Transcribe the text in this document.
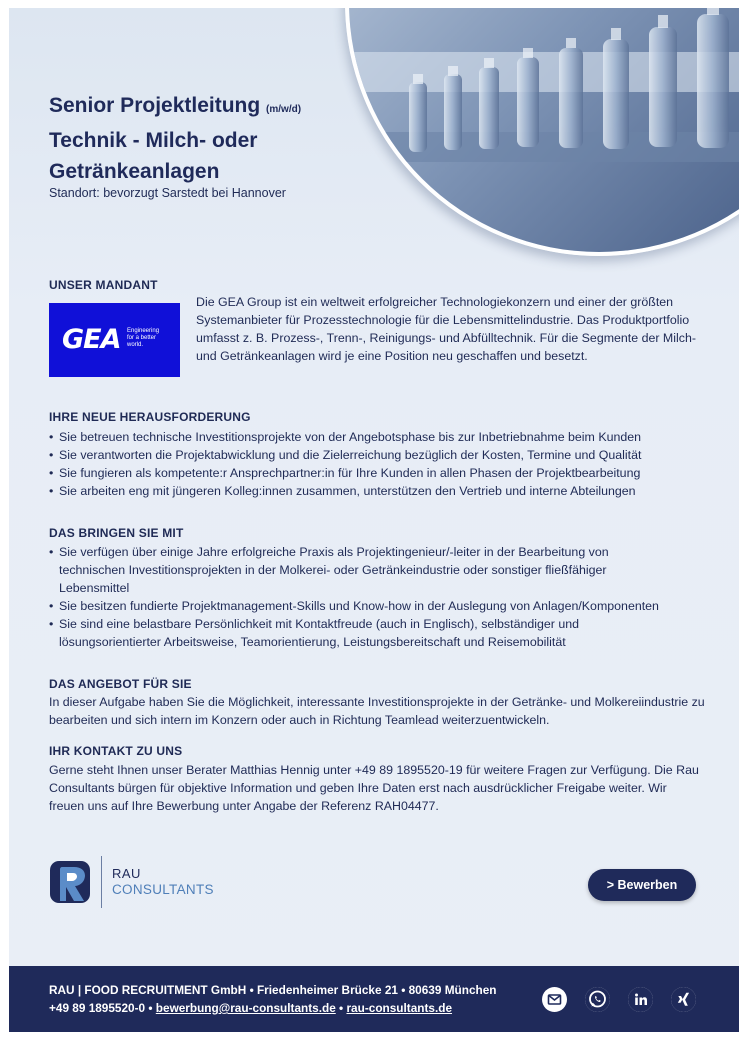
Senior Projektleitung (m/w/d)
Technik - Milch- oder
Getränkeanlagen
Standort: bevorzugt Sarstedt bei Hannover
UNSER MANDANT
GEA Engineering
for a better
world.
Die GEA Group ist ein weltweit erfolgreicher Technologiekonzern und einer der größten Systemanbieter für Prozesstechnologie für die Lebensmittelindustrie. Das Produktportfolio umfasst z. B. Prozess-, Trenn-, Reinigungs- und Abfülltechnik. Für die Segmente der Milch- und Getränkeanlagen wird je eine Position neu geschaffen und besetzt.
IHRE NEUE HERAUSFORDERUNG
• Sie betreuen technische Investitionsprojekte von der Angebotsphase bis zur Inbetriebnahme beim Kunden
• Sie verantworten die Projektabwicklung und die Zielerreichung bezüglich der Kosten, Termine und Qualität
• Sie fungieren als kompetente:r Ansprechpartner:in für Ihre Kunden in allen Phasen der Projektbearbeitung
• Sie arbeiten eng mit jüngeren Kolleg:innen zusammen, unterstützen den Vertrieb und interne Abteilungen
DAS BRINGEN SIE MIT
• Sie verfügen über einige Jahre erfolgreiche Praxis als Projektingenieur/-leiter in der Bearbeitung von technischen Investitionsprojekten in der Molkerei- oder Getränkeindustrie oder sonstiger fließfähiger Lebensmittel
• Sie besitzen fundierte Projektmanagement-Skills und Know-how in der Auslegung von Anlagen/Komponenten
• Sie sind eine belastbare Persönlichkeit mit Kontaktfreude (auch in Englisch), selbständiger und lösungsorientierter Arbeitsweise, Teamorientierung, Leistungsbereitschaft und Reisemobilität
DAS ANGEBOT FÜR SIE
In dieser Aufgabe haben Sie die Möglichkeit, interessante Investitionsprojekte in der Getränke- und Molkereiindustrie zu bearbeiten und sich intern im Konzern oder auch in Richtung Teamlead weiterzuentwickeln.
IHR KONTAKT ZU UNS
Gerne steht Ihnen unser Berater Matthias Hennig unter +49 89 1895520-19 für weitere Fragen zur Verfügung. Die Rau Consultants bürgen für objektive Information und geben Ihre Daten erst nach ausdrücklicher Freigabe weiter. Wir freuen uns auf Ihre Bewerbung unter Angabe der Referenz RAH04477.
RAU
CONSULTANTS	> Bewerben
RAU | FOOD RECRUITMENT GmbH • Friedenheimer Brücke 21 • 80639 München
+49 89 1895520-0 • bewerbung@rau-consultants.de • rau-consultants.de
